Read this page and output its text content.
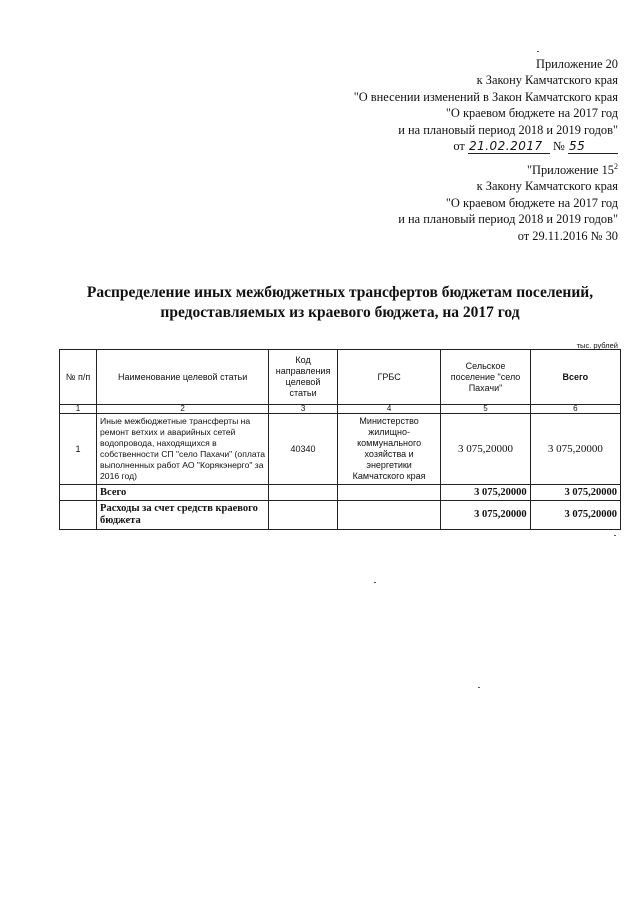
Приложение 20
к Закону Камчатского края
"О внесении изменений в Закон Камчатского края
"О краевом бюджете на 2017 год
и на плановый период 2018 и 2019 годов"
от 21.02.2017 № 55
"Приложение $15^2$
к Закону Камчатского края
"О краевом бюджете на 2017 год
и на плановый период 2018 и 2019 годов"
от 29.11.2016 № 30
Распределение иных межбюджетных трансфертов бюджетам поселений,
предоставляемых из краевого бюджета, на 2017 год
тыс. рублей
№ п/п	Наименование целевой статьи	Код направления целевой статьи	ГРБС	Сельское поселение "село Пахачи"	Всего
1	2	3	4	5	6
1	Иные межбюджетные трансферты на ремонт ветхих и аварийных сетей водопровода, находящихся в собственности СП "село Пахачи" (оплата выполненных работ АО "Корякэнерго" за 2016 год)	40340	Министерство жилищно-коммунального хозяйства и энергетики Камчатского края	3 075,20000	3 075,20000
	Всего			3 075,20000	3 075,20000
	Расходы за счет средств краевого бюджета			3 075,20000	3 075,20000
